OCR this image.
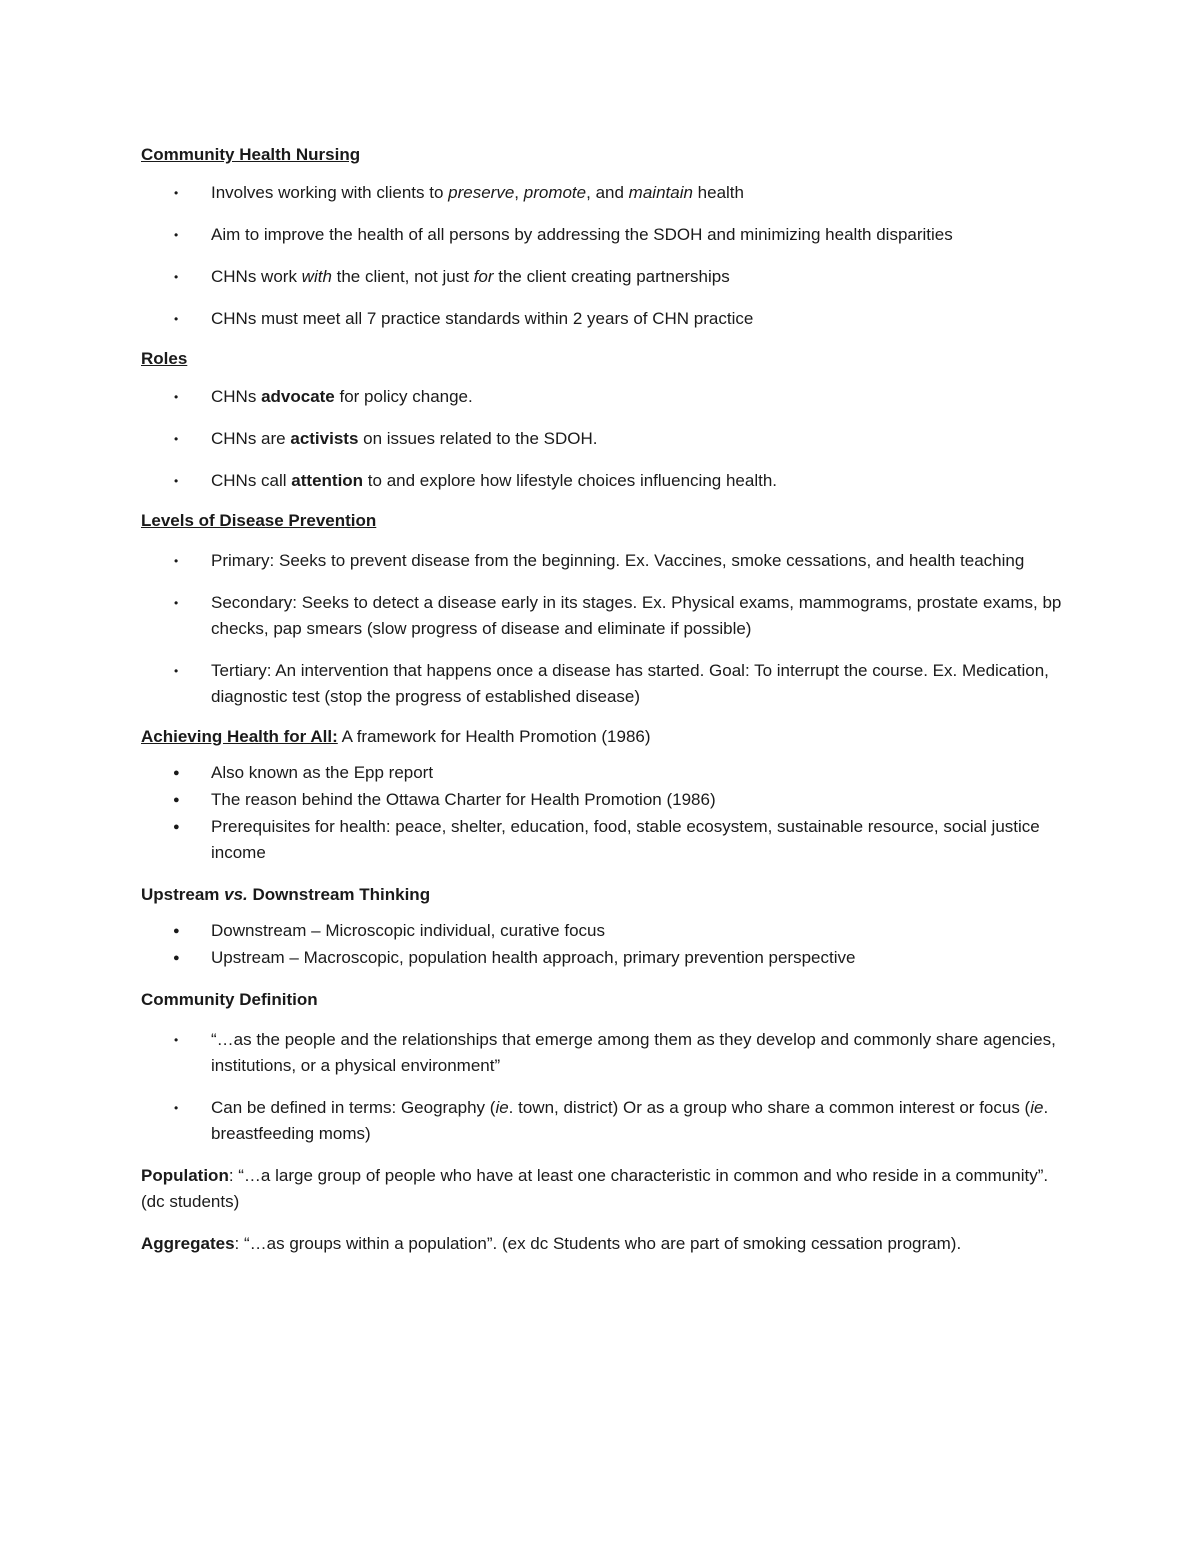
Community Health Nursing
• Involves working with clients to preserve, promote, and maintain health
• Aim to improve the health of all persons by addressing the SDOH and minimizing health disparities
• CHNs work with the client, not just for the client creating partnerships
• CHNs must meet all 7 practice standards within 2 years of CHN practice
Roles
• CHNs advocate for policy change.
• CHNs are activists on issues related to the SDOH.
• CHNs call attention to and explore how lifestyle choices influencing health.
Levels of Disease Prevention
• Primary: Seeks to prevent disease from the beginning. Ex. Vaccines, smoke cessations, and health teaching
• Secondary: Seeks to detect a disease early in its stages. Ex. Physical exams, mammograms, prostate exams, bp checks, pap smears (slow progress of disease and eliminate if possible)
• Tertiary: An intervention that happens once a disease has started. Goal: To interrupt the course. Ex. Medication, diagnostic test (stop the progress of established disease)
Achieving Health for All: A framework for Health Promotion (1986)
● Also known as the Epp report
● The reason behind the Ottawa Charter for Health Promotion (1986)
● Prerequisites for health: peace, shelter, education, food, stable ecosystem, sustainable resource, social justice income
Upstream vs. Downstream Thinking
● Downstream – Microscopic individual, curative focus
● Upstream – Macroscopic, population health approach, primary prevention perspective
Community Definition
• “…as the people and the relationships that emerge among them as they develop and commonly share agencies, institutions, or a physical environment”
• Can be defined in terms: Geography (ie. town, district) Or as a group who share a common interest or focus (ie. breastfeeding moms)

Population: “…a large group of people who have at least one characteristic in common and who reside in a community”. (dc students)

Aggregates: “…as groups within a population”. (ex dc Students who are part of smoking cessation program).
